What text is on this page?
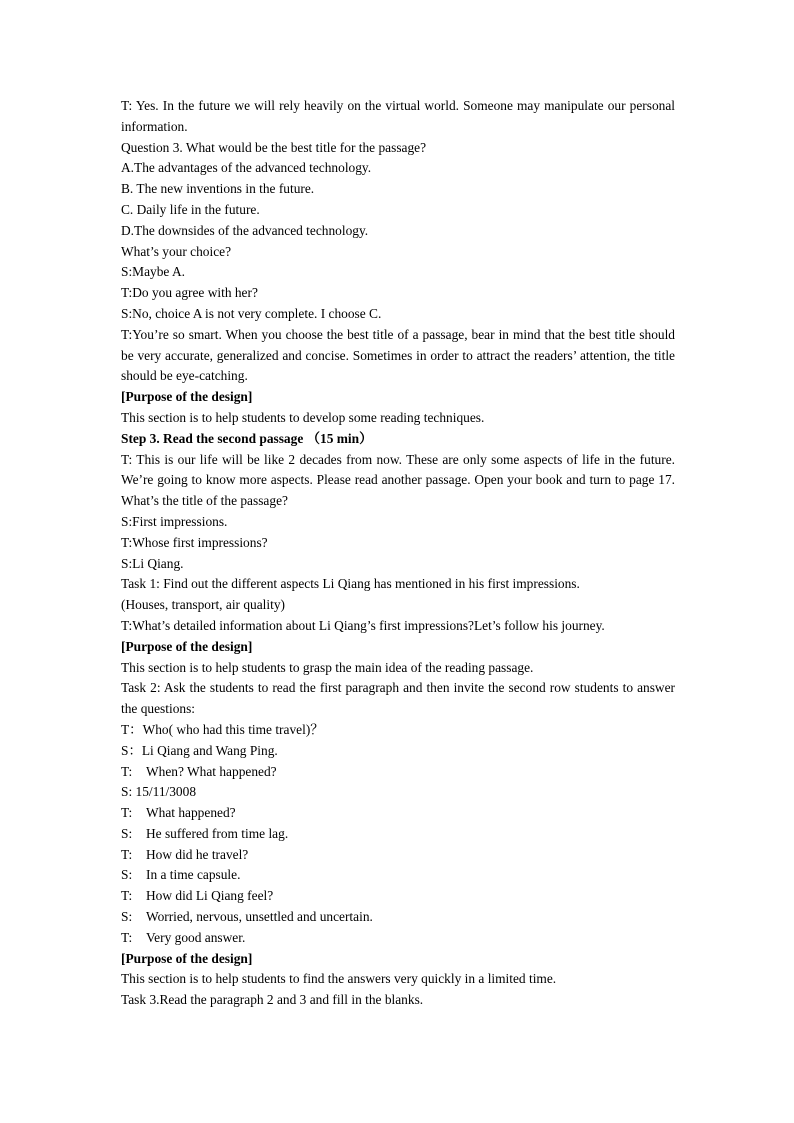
T: Yes. In the future we will rely heavily on the virtual world. Someone may manipulate our personal information.

Question 3. What would be the best title for the passage?

A.The advantages of the advanced technology.

B. The new inventions in the future.

C. Daily life in the future.

D.The downsides of the advanced technology.

What’s your choice?

S:Maybe A.

T:Do you agree with her?

S:No, choice A is not very complete. I choose C.

T:You’re so smart. When you choose the best title of a passage, bear in mind that the best title should be very accurate, generalized and concise. Sometimes in order to attract the readers’ attention, the title should be eye-catching.

[Purpose of the design]

This section is to help students to develop some reading techniques.

Step 3. Read the second passage （15 min）

T: This is our life will be like 2 decades from now. These are only some aspects of life in the future. We’re going to know more aspects. Please read another passage. Open your book and turn to page 17. What’s the title of the passage?

S:First impressions.

T:Whose first impressions?

S:Li Qiang.

Task 1: Find out the different aspects Li Qiang has mentioned in his first impressions.

(Houses, transport, air quality)

T:What’s detailed information about Li Qiang’s first impressions?Let’s follow his journey.

[Purpose of the design]

This section is to help students to grasp the main idea of the reading passage.

Task 2: Ask the students to read the first paragraph and then invite the second row students to answer the questions:

T：Who( who had this time travel)？

S：Li Qiang and Wang Ping.

T:	When? What happened?

S: 15/11/3008

T:	What happened?
S:	He suffered from time lag.
T:	How did he travel?
S:	In a time capsule.
T:	How did Li Qiang feel?
S:	Worried, nervous, unsettled and uncertain.
T:	Very good answer.

[Purpose of the design]

This section is to help students to find the answers very quickly in a limited time.

Task 3.Read the paragraph 2 and 3 and fill in the blanks.
